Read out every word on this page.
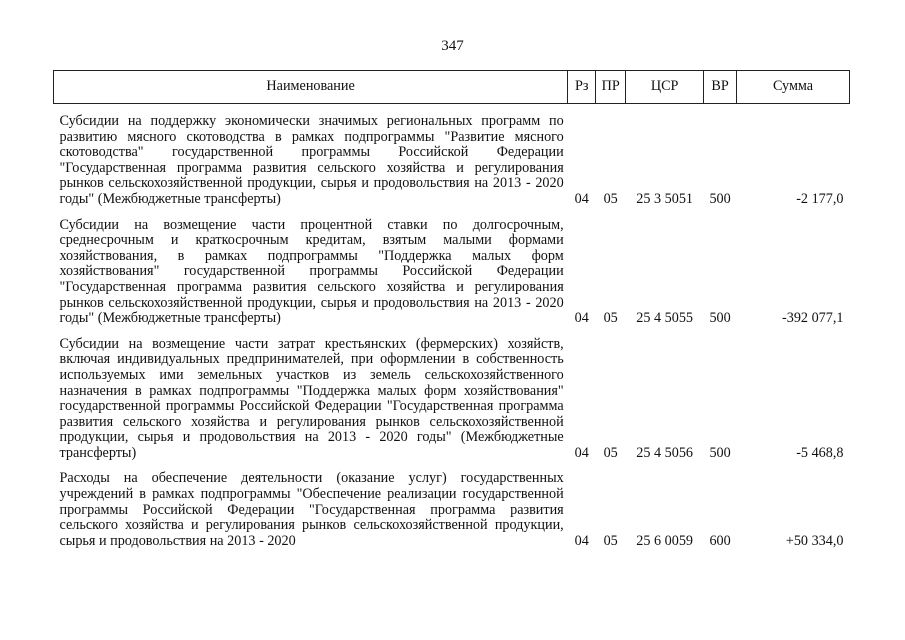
347
Наименование	Рз	ПР	ЦСР	ВР	Сумма
Субсидии на поддержку экономически значимых региональных программ по развитию мясного скотоводства в рамках подпрограммы "Развитие мясного скотоводства" государственной программы Российской Федерации "Государственная программа развития сельского хозяйства и регулирования рынков сельскохозяйственной продукции, сырья и продовольствия на 2013 - 2020 годы" (Межбюджетные трансферты)	04	05	25 3 5051	500	-2 177,0
Субсидии на возмещение части процентной ставки по долгосрочным, среднесрочным и краткосрочным кредитам, взятым малыми формами хозяйствования, в рамках подпрограммы "Поддержка малых форм хозяйствования" государственной программы Российской Федерации "Государственная программа развития сельского хозяйства и регулирования рынков сельскохозяйственной продукции, сырья и продовольствия на 2013 - 2020 годы" (Межбюджетные трансферты)	04	05	25 4 5055	500	-392 077,1
Субсидии на возмещение части затрат крестьянских (фермерских) хозяйств, включая индивидуальных предпринимателей, при оформлении в собственность используемых ими земельных участков из земель сельскохозяйственного назначения в рамках подпрограммы "Поддержка малых форм хозяйствования" государственной программы Российской Федерации "Государственная программа развития сельского хозяйства и регулирования рынков сельскохозяйственной продукции, сырья и продовольствия на 2013 - 2020 годы" (Межбюджетные трансферты)	04	05	25 4 5056	500	-5 468,8
Расходы на обеспечение деятельности (оказание услуг) государственных учреждений в рамках подпрограммы "Обеспечение реализации государственной программы Российской Федерации "Государственная программа развития сельского хозяйства и регулирования рынков сельскохозяйственной продукции, сырья и продовольствия на 2013 - 2020	04	05	25 6 0059	600	+50 334,0
